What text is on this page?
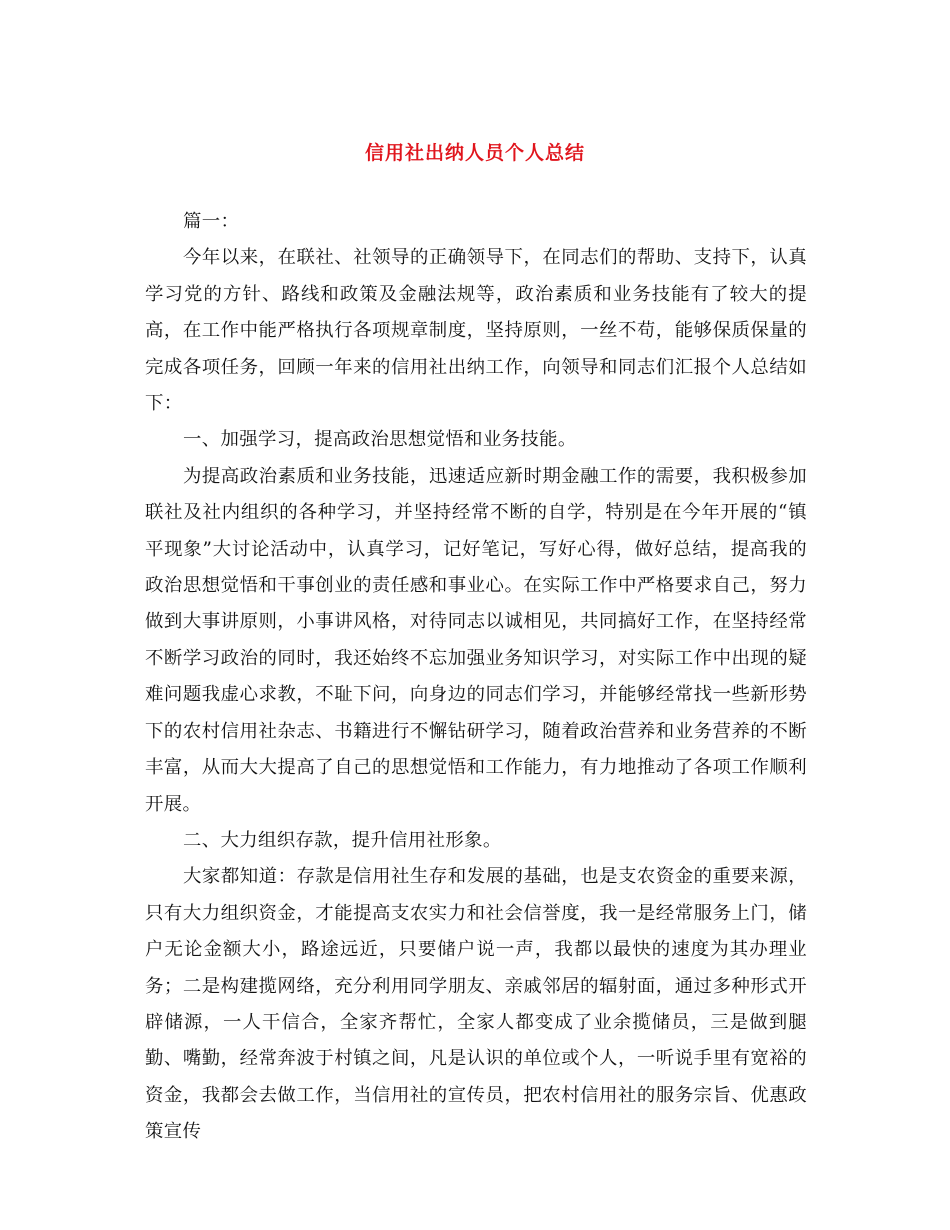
信用社出纳人员个人总结

篇一：

今年以来，在联社、社领导的正确领导下，在同志们的帮助、支持下，认真学习党的方针、路线和政策及金融法规等，政治素质和业务技能有了较大的提高，在工作中能严格执行各项规章制度，坚持原则，一丝不苟，能够保质保量的完成各项任务，回顾一年来的信用社出纳工作，向领导和同志们汇报个人总结如下：

一、加强学习，提高政治思想觉悟和业务技能。

为提高政治素质和业务技能，迅速适应新时期金融工作的需要，我积极参加联社及社内组织的各种学习，并坚持经常不断的自学，特别是在今年开展的“镇平现象”大讨论活动中，认真学习，记好笔记，写好心得，做好总结，提高我的政治思想觉悟和干事创业的责任感和事业心。在实际工作中严格要求自己，努力做到大事讲原则，小事讲风格，对待同志以诚相见，共同搞好工作，在坚持经常不断学习政治的同时，我还始终不忘加强业务知识学习，对实际工作中出现的疑难问题我虚心求教，不耻下问，向身边的同志们学习，并能够经常找一些新形势下的农村信用社杂志、书籍进行不懈钻研学习，随着政治营养和业务营养的不断丰富，从而大大提高了自己的思想觉悟和工作能力，有力地推动了各项工作顺利开展。

二、大力组织存款，提升信用社形象。

大家都知道：存款是信用社生存和发展的基础，也是支农资金的重要来源，只有大力组织资金，才能提高支农实力和社会信誉度，我一是经常服务上门，储户无论金额大小，路途远近，只要储户说一声，我都以最快的速度为其办理业务；二是构建揽网络，充分利用同学朋友、亲戚邻居的辐射面，通过多种形式开辟储源，一人干信合，全家齐帮忙，全家人都变成了业余揽储员，三是做到腿勤、嘴勤，经常奔波于村镇之间，凡是认识的单位或个人，一听说手里有宽裕的资金，我都会去做工作，当信用社的宣传员，把农村信用社的服务宗旨、优惠政策宣传
